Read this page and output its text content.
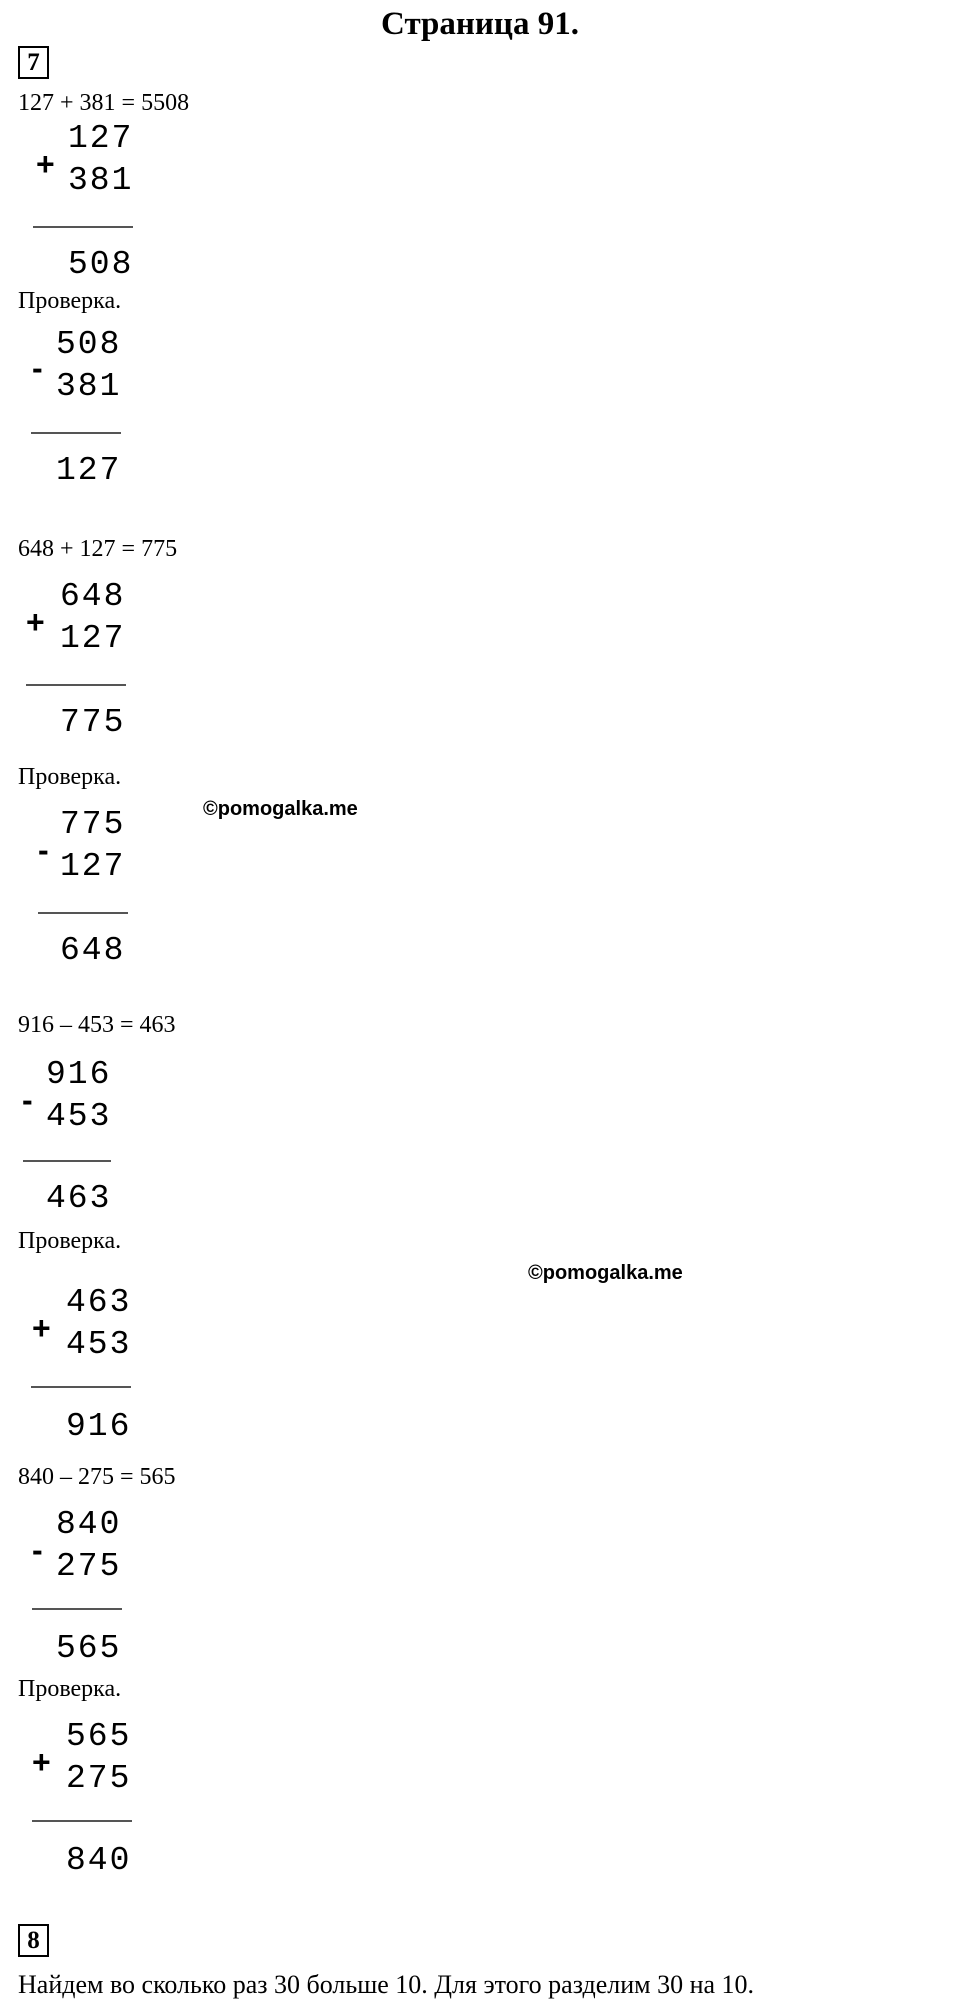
Страница 91.
7
127 + 381 = 5508
+
127
381
508
Проверка.
-
508
381
127
648 + 127 = 775
+
648
127
775
Проверка.
©pomogalka.me
-
775
127
648
916 – 453 = 463
-
916
453
463
Проверка.
©pomogalka.me
+
463
453
916
840 – 275 = 565
-
840
275
565
Проверка.
+
565
275
840
8
Найдем во сколько раз 30 больше 10. Для этого разделим 30 на 10.
